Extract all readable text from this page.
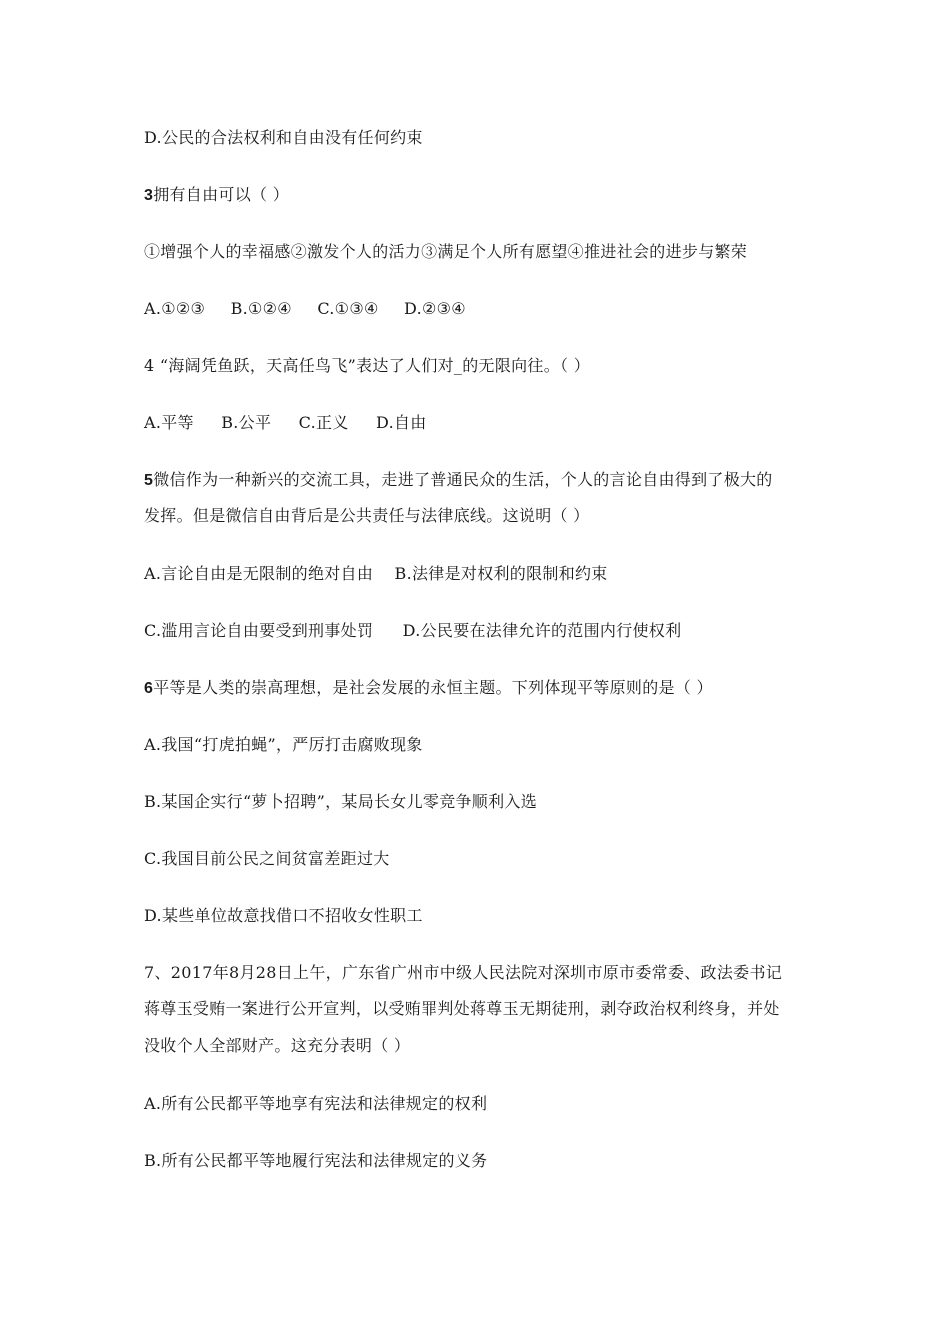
D.公民的合法权利和自由没有任何约束
3拥有自由可以（ ）
①增强个人的幸福感②激发个人的活力③满足个人所有愿望④推进社会的进步与繁荣
A.①②③ B.①②④ C.①③④ D.②③④
4 “海阔凭鱼跃，天高任鸟飞”表达了人们对_的无限向往。（ ）
A.平等 B.公平 C.正义 D.自由
5微信作为一种新兴的交流工具，走进了普通民众的生活，个人的言论自由得到了极大的
发挥。但是微信自由背后是公共责任与法律底线。这说明（ ）
A.言论自由是无限制的绝对自由 B.法律是对权利的限制和约束
C.滥用言论自由要受到刑事处罚 D.公民要在法律允许的范围内行使权利
6平等是人类的崇高理想，是社会发展的永恒主题。下列体现平等原则的是（ ）
A.我国“打虎拍蝇”，严厉打击腐败现象
B.某国企实行“萝卜招聘”，某局长女儿零竞争顺利入选
C.我国目前公民之间贫富差距过大
D.某些单位故意找借口不招收女性职工
7、2017年8月28日上午，广东省广州市中级人民法院对深圳市原市委常委、政法委书记
蒋尊玉受贿一案进行公开宣判，以受贿罪判处蒋尊玉无期徒刑，剥夺政治权利终身，并处
没收个人全部财产。这充分表明（ ）
A.所有公民都平等地享有宪法和法律规定的权利
B.所有公民都平等地履行宪法和法律规定的义务
